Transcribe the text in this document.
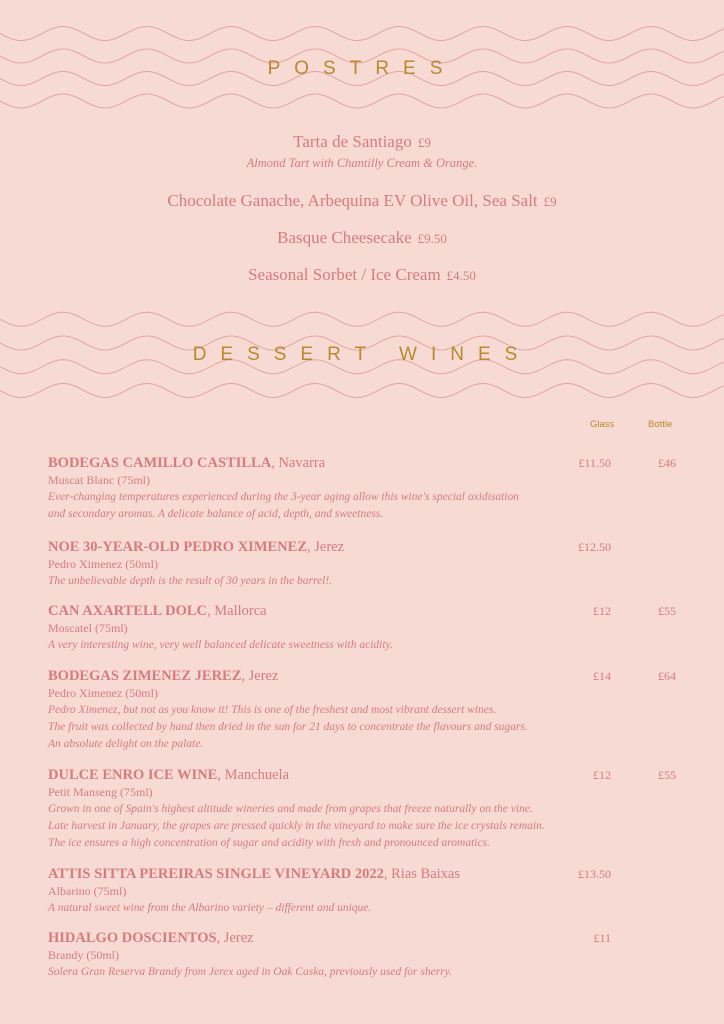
POSTRES
Tarta de Santiago £9
Almond Tart with Chantilly Cream & Orange.
Chocolate Ganache, Arbequina EV Olive Oil, Sea Salt £9
Basque Cheesecake £9.50
Seasonal Sorbet / Ice Cream £4.50
DESSERT WINES
Glass	Bottle
BODEGAS CAMILLO CASTILLA, Navarra
Muscat Blanc (75ml)
Ever-changing temperatures experienced during the 3-year aging allow this wine's special oxidisation
and secondary aromas. A delicate balance of acid, depth, and sweetness.
£11.50	£46
NOE 30-YEAR-OLD PEDRO XIMENEZ, Jerez
Pedro Ximenez (50ml)
The unbelievable depth is the result of 30 years in the barrel!.
£12.50
CAN AXARTELL DOLC, Mallorca
Moscatel (75ml)
A very interesting wine, very well balanced delicate sweetness with acidity.
£12	£55
BODEGAS ZIMENEZ JEREZ, Jerez
Pedro Ximenez (50ml)
Pedro Ximenez, but not as you know it! This is one of the freshest and most vibrant dessert wines.
The fruit was collected by hand then dried in the sun for 21 days to concentrate the flavours and sugars.
An absolute delight on the palate.
£14	£64
DULCE ENRO ICE WINE, Manchuela
Petit Manseng (75ml)
Grown in one of Spain's highest altitude wineries and made from grapes that freeze naturally on the vine.
Late harvest in January, the grapes are pressed quickly in the vineyard to make sure the ice crystals remain.
The ice ensures a high concentration of sugar and acidity with fresh and pronounced aromatics.
£12	£55
ATTIS SITTA PEREIRAS SINGLE VINEYARD 2022, Rias Baixas
Albarino (75ml)
A natural sweet wine from the Albarino variety – different and unique.
£13.50
HIDALGO DOSCIENTOS, Jerez
Brandy (50ml)
Solera Gran Reserva Brandy from Jerex aged in Oak Caska, previously used for sherry.
£11
